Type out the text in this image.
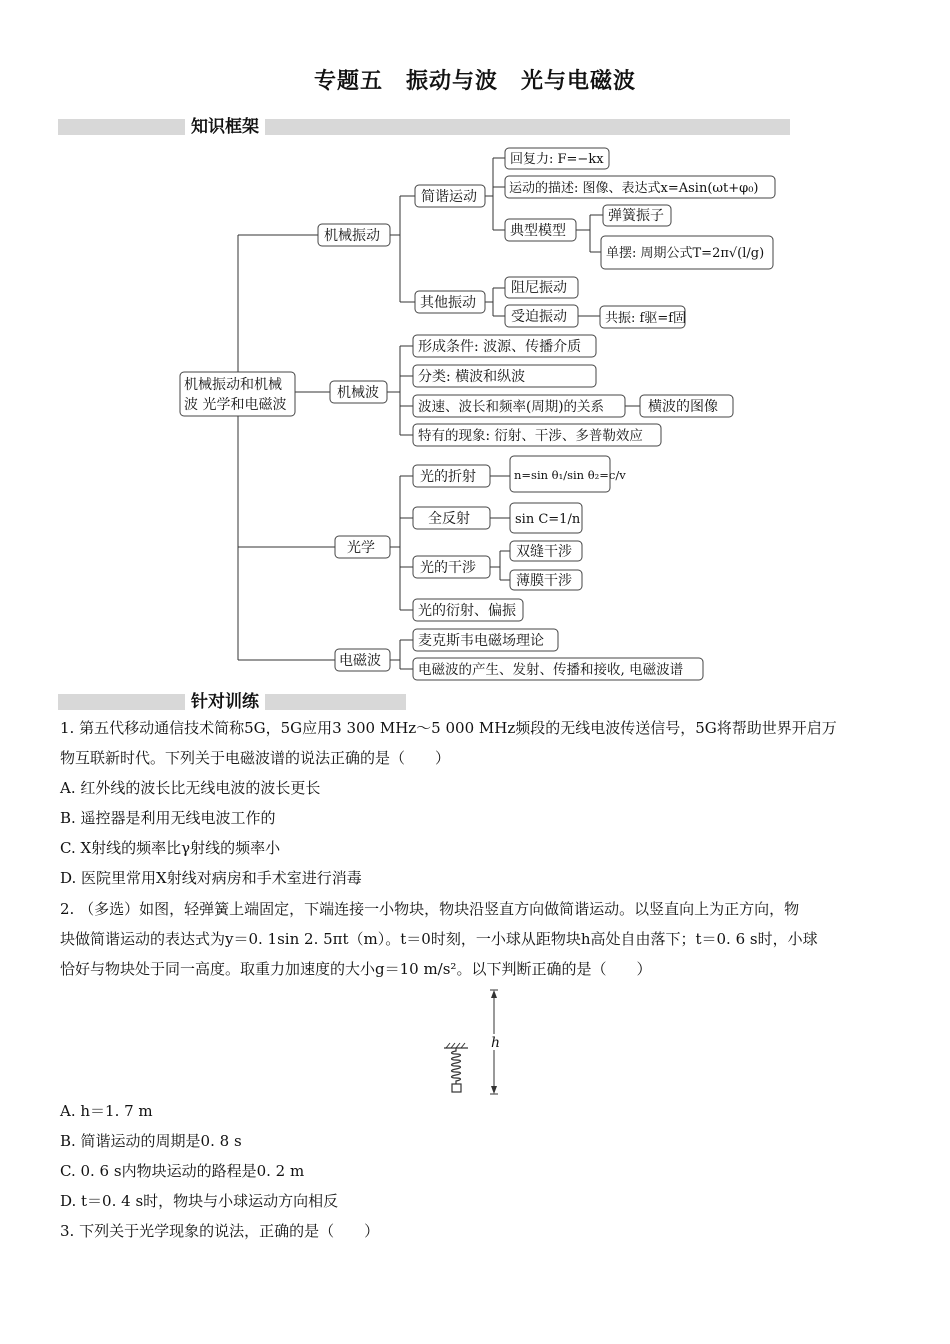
专题五　振动与波　光与电磁波
知识框架
机械振动和机械
波 光学和电磁波
机械振动
机械波
光学
电磁波
简谐运动
回复力: F=−kx
运动的描述: 图像、表达式x=Asin(ωt+φ₀)
典型模型
弹簧振子
单摆: 周期公式T=2π√(l/g)
其他振动
阻尼振动
受迫振动	共振: f驱=f固
形成条件: 波源、传播介质
分类: 横波和纵波
波速、波长和频率(周期)的关系	横波的图像
特有的现象: 衍射、干涉、多普勒效应
光的折射	n=sin θ₁/sin θ₂=c/v
全反射	sin C=1/n
光的干涉
双缝干涉
薄膜干涉
光的衍射、偏振
麦克斯韦电磁场理论
电磁波的产生、发射、传播和接收, 电磁波谱
针对训练
1. 第五代移动通信技术简称5G，5G应用3 300 MHz～5 000 MHz频段的无线电波传送信号，5G将帮助世界开启万
物互联新时代。下列关于电磁波谱的说法正确的是（　　）
A. 红外线的波长比无线电波的波长更长
B. 遥控器是利用无线电波工作的
C. X射线的频率比γ射线的频率小
D. 医院里常用X射线对病房和手术室进行消毒
2. （多选）如图，轻弹簧上端固定，下端连接一小物块，物块沿竖直方向做简谐运动。以竖直向上为正方向，物
块做简谐运动的表达式为y＝0. 1sin 2. 5πt（m）。t＝0时刻，一小球从距物块h高处自由落下；t＝0. 6 s时，小球
恰好与物块处于同一高度。取重力加速度的大小g＝10 m/s²。以下判断正确的是（　　）
h
A. h＝1. 7 m
B. 简谐运动的周期是0. 8 s
C. 0. 6 s内物块运动的路程是0. 2 m
D. t＝0. 4 s时，物块与小球运动方向相反
3. 下列关于光学现象的说法，正确的是（　　）
